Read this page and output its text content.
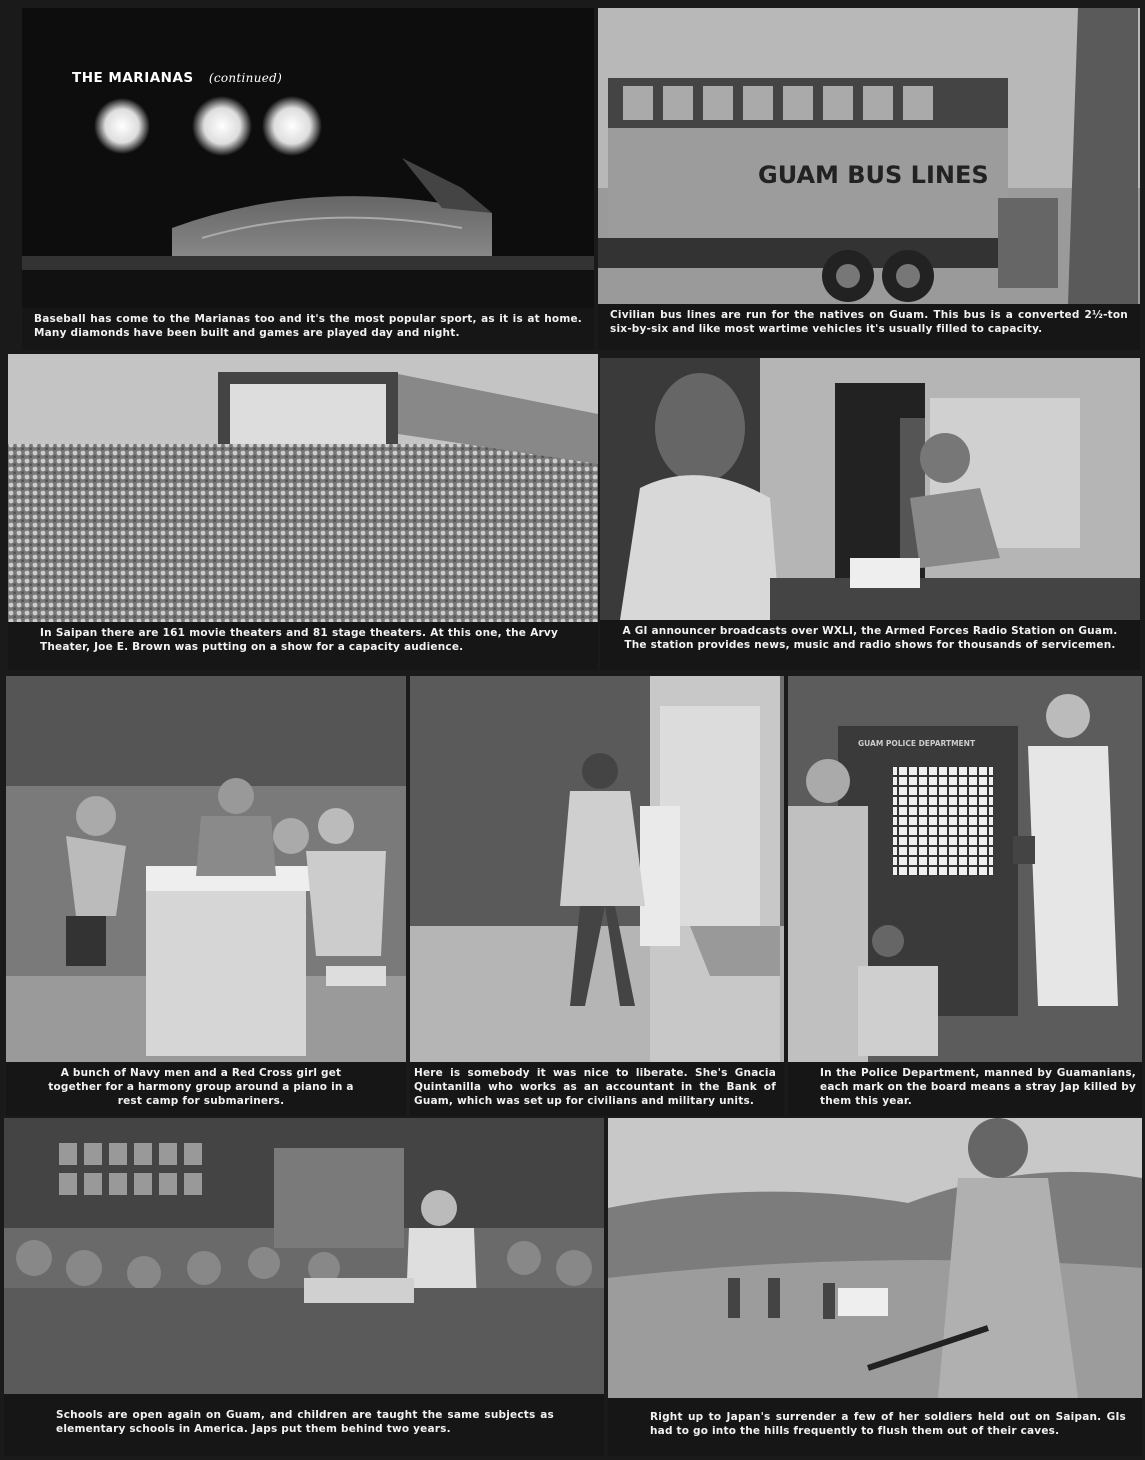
THE MARIANAS (continued)
Baseball has come to the Marianas too and it's the most popular sport, as it is at home. Many diamonds have been built and games are played day and night.
GUAM BUS LINES
Civilian bus lines are run for the natives on Guam. This bus is a converted 2½-ton six-by-six and like most wartime vehicles it's usually filled to capacity.
In Saipan there are 161 movie theaters and 81 stage theaters. At this one, the Arvy Theater, Joe E. Brown was putting on a show for a capacity audience.
A GI announcer broadcasts over WXLI, the Armed Forces Radio Station on Guam. The station provides news, music and radio shows for thousands of servicemen.
A bunch of Navy men and a Red Cross girl get together for a harmony group around a piano in a rest camp for submariners.
Here is somebody it was nice to liberate. She's Gnacia Quintanilla who works as an accountant in the Bank of Guam, which was set up for civilians and military units.
GUAM POLICE DEPARTMENT
In the Police Department, manned by Guamanians, each mark on the board means a stray Jap killed by them this year.
Schools are open again on Guam, and children are taught the same subjects as elementary schools in America. Japs put them behind two years.
Right up to Japan's surrender a few of her soldiers held out on Saipan. GIs had to go into the hills frequently to flush them out of their caves.
